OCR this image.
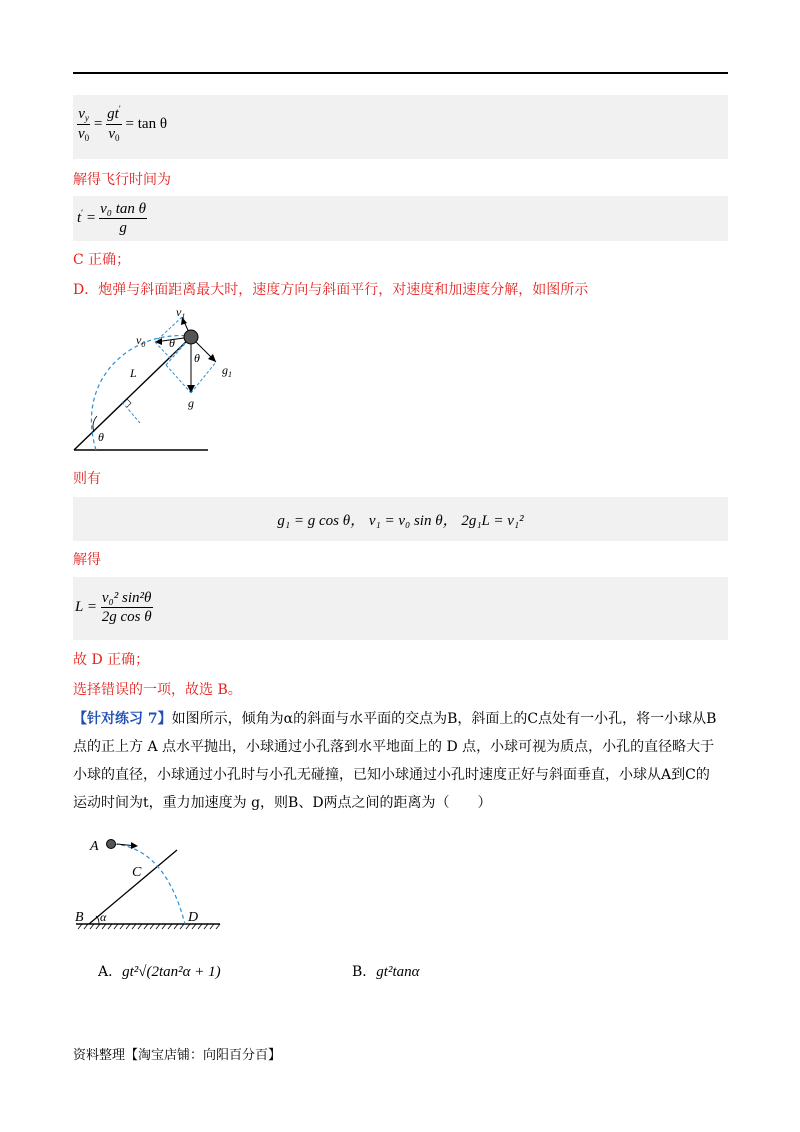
$\frac{v_y}{v_0} = \frac{gt'}{v_0} = \tan \theta$
解得飞行时间为
$t' = \frac{\text{v₀ tan θ}}{g}$
C 正确；
D．炮弹与斜面距离最大时，速度方向与斜面平行，对速度和加速度分解，如图所示
$v_1$
$v_0$ θ
θ
L
g
$g_1$
θ
则有
g₁ = g cos θ， v₁ = v₀ sin θ， 2g₁L = v₁²
解得
$L = \frac{\text{v₀² sin²θ}}{\text{2g cos θ}}$
故 D 正确；
选择错误的一项，故选 B。
【针对练习 7】如图所示，倾角为α的斜面与水平面的交点为B，斜面上的C点处有一小孔，将一小球从B
点的正上方 A 点水平抛出，小球通过小孔落到水平地面上的 D 点，小球可视为质点，小孔的直径略大于
小球的直径，小球通过小孔时与小孔无碰撞，已知小球通过小孔时速度正好与斜面垂直，小球从A到C的
运动时间为t，重力加速度为 g，则B、D两点之间的距离为（　　）
A
C
B α	D
A．gt²√(2tan²α + 1)	B．gt²tanα
资料整理【淘宝店铺：向阳百分百】
